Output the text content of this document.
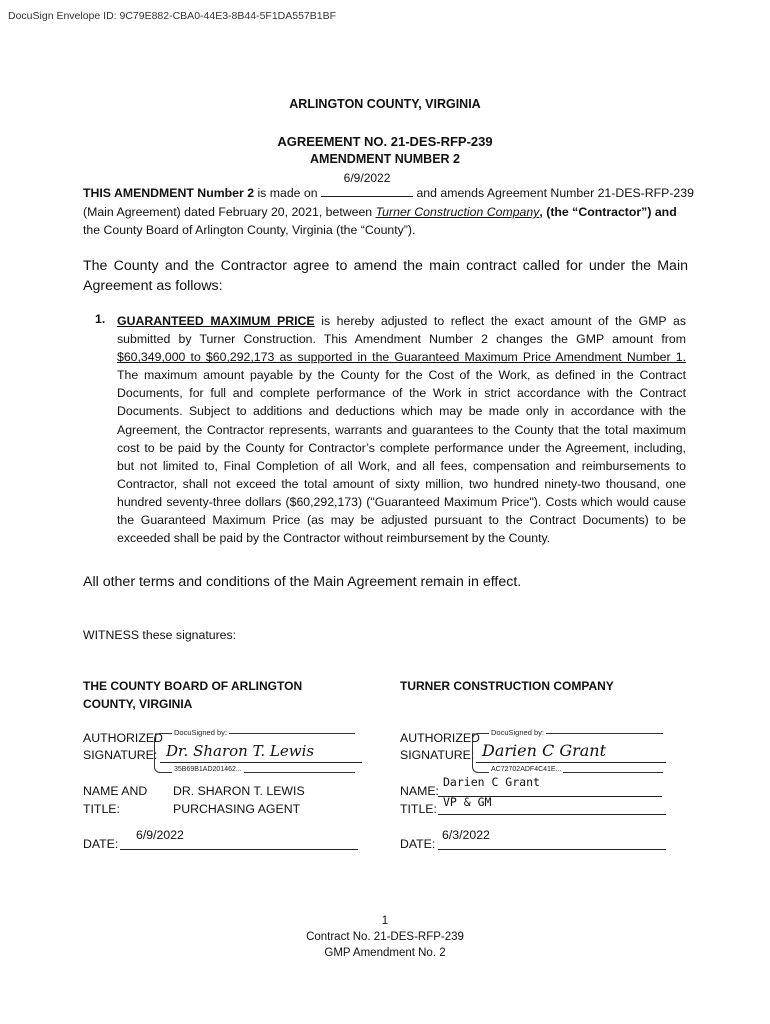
DocuSign Envelope ID: 9C79E882-CBA0-44E3-8B44-5F1DA557B1BF
ARLINGTON COUNTY, VIRGINIA
AGREEMENT NO. 21-DES-RFP-239
AMENDMENT NUMBER 2
THIS AMENDMENT Number 2 is made on
6/9/2022
and amends Agreement Number 21-DES-RFP-239
(Main Agreement) dated February 20, 2021, between Turner Construction Company, (the “Contractor”) and
the County Board of Arlington County, Virginia (the “County”).
The County and the Contractor agree to amend the main contract called for under the Main Agreement as follows:
1. GUARANTEED MAXIMUM PRICE is hereby adjusted to reflect the exact amount of the GMP as submitted by Turner Construction. This Amendment Number 2 changes the GMP amount from $60,349,000 to $60,292,173 as supported in the Guaranteed Maximum Price Amendment Number 1. The maximum amount payable by the County for the Cost of the Work, as defined in the Contract Documents, for full and complete performance of the Work in strict accordance with the Contract Documents. Subject to additions and deductions which may be made only in accordance with the Agreement, the Contractor represents, warrants and guarantees to the County that the total maximum cost to be paid by the County for Contractor’s complete performance under the Agreement, including, but not limited to, Final Completion of all Work, and all fees, compensation and reimbursements to Contractor, shall not exceed the total amount of sixty million, two hundred ninety-two thousand, one hundred seventy-three dollars ($60,292,173) ("Guaranteed Maximum Price"). Costs which would cause the Guaranteed Maximum Price (as may be adjusted pursuant to the Contract Documents) to be exceeded shall be paid by the Contractor without reimbursement by the County.
All other terms and conditions of the Main Agreement remain in effect.
WITNESS these signatures:
THE COUNTY BOARD OF ARLINGTON
COUNTY, VIRGINIA
AUTHORIZED
SIGNATURE:
DocuSigned by:
Dr. Sharon T. Lewis
35B69B1AD201462...
NAME AND
TITLE:
DR. SHARON T. LEWIS
PURCHASING AGENT
DATE:
6/9/2022
TURNER CONSTRUCTION COMPANY
AUTHORIZED
SIGNATURE:
DocuSigned by:
Darien C Grant
AC72702ADF4C41E...
NAME:
Darien C Grant
TITLE: VP & GM
DATE:
6/3/2022
1
Contract No. 21-DES-RFP-239
GMP Amendment No. 2
